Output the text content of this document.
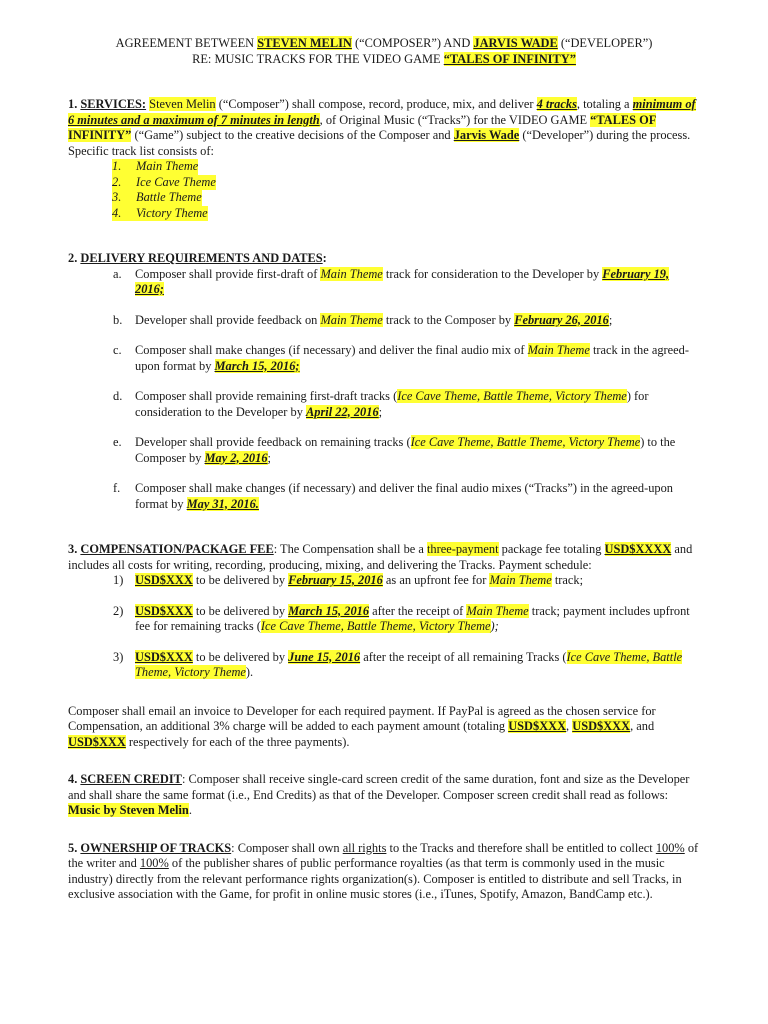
AGREEMENT BETWEEN STEVEN MELIN (“COMPOSER”) AND JARVIS WADE (“DEVELOPER”)
RE: MUSIC TRACKS FOR THE VIDEO GAME “TALES OF INFINITY”

1. SERVICES: Steven Melin (“Composer”) shall compose, record, produce, mix, and deliver 4 tracks, totaling a minimum of 6 minutes and a maximum of 7 minutes in length, of Original Music (“Tracks”) for the VIDEO GAME “TALES OF INFINITY” (“Game”) subject to the creative decisions of the Composer and Jarvis Wade (“Developer”) during the process. Specific track list consists of:

1.	Main Theme
2.	Ice Cave Theme
3.	Battle Theme
4.	Victory Theme

2. DELIVERY REQUIREMENTS AND DATES:

a.	Composer shall provide first-draft of Main Theme track for consideration to the Developer by February 19, 2016;
b.	Developer shall provide feedback on Main Theme track to the Composer by February 26, 2016;
c.	Composer shall make changes (if necessary) and deliver the final audio mix of Main Theme track in the agreed-upon format by March 15, 2016;
d.	Composer shall provide remaining first-draft tracks (Ice Cave Theme, Battle Theme, Victory Theme) for consideration to the Developer by April 22, 2016;
e.	Developer shall provide feedback on remaining tracks (Ice Cave Theme, Battle Theme, Victory Theme) to the Composer by May 2, 2016;
f.	Composer shall make changes (if necessary) and deliver the final audio mixes (“Tracks”) in the agreed-upon format by May 31, 2016.

3. COMPENSATION/PACKAGE FEE: The Compensation shall be a three-payment package fee totaling USD$XXXX and includes all costs for writing, recording, producing, mixing, and delivering the Tracks. Payment schedule:

1) USD$XXX to be delivered by February 15, 2016 as an upfront fee for Main Theme track;
2) USD$XXX to be delivered by March 15, 2016 after the receipt of Main Theme track; payment includes upfront fee for remaining tracks (Ice Cave Theme, Battle Theme, Victory Theme);
3) USD$XXX to be delivered by June 15, 2016 after the receipt of all remaining Tracks (Ice Cave Theme, Battle Theme, Victory Theme).

Composer shall email an invoice to Developer for each required payment. If PayPal is agreed as the chosen service for Compensation, an additional 3% charge will be added to each payment amount (totaling USD$XXX, USD$XXX, and USD$XXX respectively for each of the three payments).

4. SCREEN CREDIT: Composer shall receive single-card screen credit of the same duration, font and size as the Developer and shall share the same format (i.e., End Credits) as that of the Developer. Composer screen credit shall read as follows: Music by Steven Melin.

5. OWNERSHIP OF TRACKS: Composer shall own all rights to the Tracks and therefore shall be entitled to collect 100% of the writer and 100% of the publisher shares of public performance royalties (as that term is commonly used in the music industry) directly from the relevant performance rights organization(s). Composer is entitled to distribute and sell Tracks, in exclusive association with the Game, for profit in online music stores (i.e., iTunes, Spotify, Amazon, BandCamp etc.).
